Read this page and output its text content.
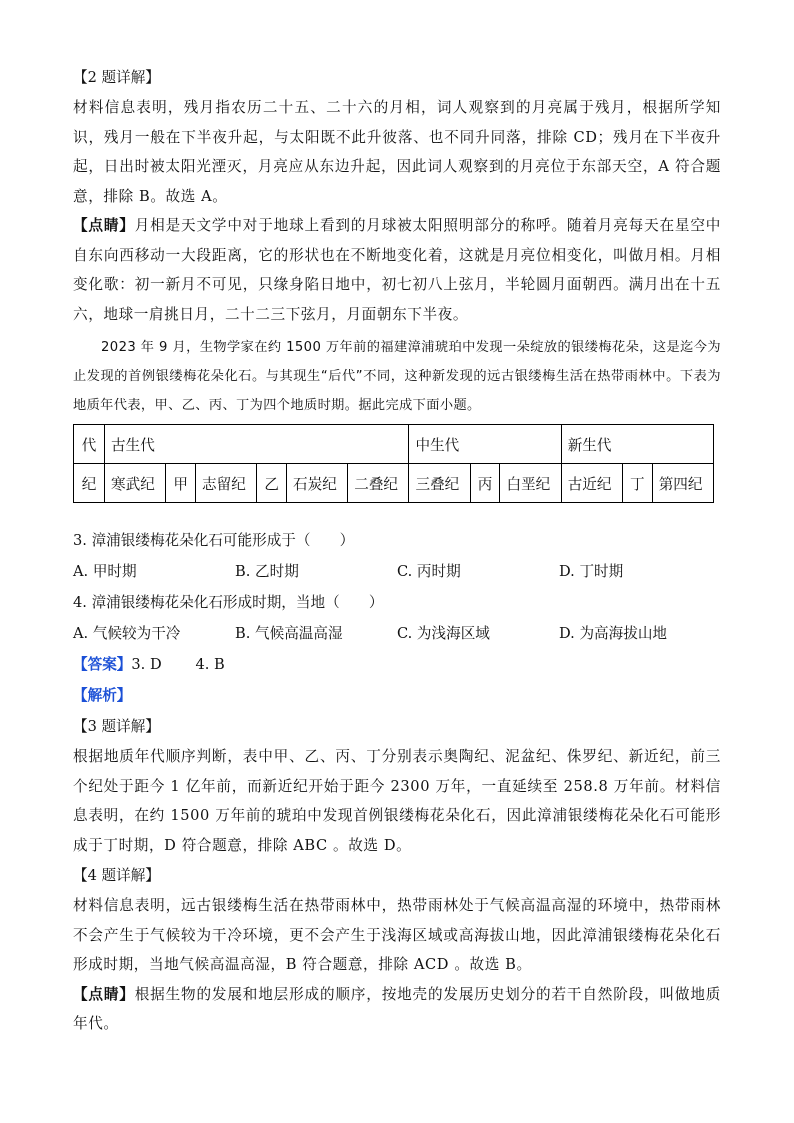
【2 题详解】

材料信息表明，残月指农历二十五、二十六的月相，词人观察到的月亮属于残月，根据所学知识，残月一般在下半夜升起，与太阳既不此升彼落、也不同升同落，排除 CD；残月在下半夜升起，日出时被太阳光湮灭，月亮应从东边升起，因此词人观察到的月亮位于东部天空，A 符合题意，排除 B。故选 A。

【点睛】月相是天文学中对于地球上看到的月球被太阳照明部分的称呼。随着月亮每天在星空中自东向西移动一大段距离，它的形状也在不断地变化着，这就是月亮位相变化，叫做月相。月相变化歌：初一新月不可见，只缘身陷日地中，初七初八上弦月，半轮圆月面朝西。满月出在十五六，地球一肩挑日月，二十二三下弦月，月面朝东下半夜。

2023 年 9 月，生物学家在约 1500 万年前的福建漳浦琥珀中发现一朵绽放的银缕梅花朵，这是迄今为止发现的首例银缕梅花朵化石。与其现生“后代”不同，这种新发现的远古银缕梅生活在热带雨林中。下表为地质年代表，甲、乙、丙、丁为四个地质时期。据此完成下面小题。

代	古生代						中生代			新生代		
纪	寒武纪	甲	志留纪	乙	石炭纪	二叠纪	三叠纪	丙	白垩纪	古近纪	丁	第四纪

3. 漳浦银缕梅花朵化石可能形成于（　　）

A. 甲时期	B. 乙时期	C. 丙时期	D. 丁时期

4. 漳浦银缕梅花朵化石形成时期，当地（　　）

A. 气候较为干冷	B. 气候高温高湿	C. 为浅海区域	D. 为高海拔山地

【答案】3. D　　 4. B

【解析】

【3 题详解】

根据地质年代顺序判断，表中甲、乙、丙、丁分别表示奥陶纪、泥盆纪、侏罗纪、新近纪，前三个纪处于距今 1 亿年前，而新近纪开始于距今 2300 万年，一直延续至 258.8 万年前。材料信息表明，在约 1500 万年前的琥珀中发现首例银缕梅花朵化石，因此漳浦银缕梅花朵化石可能形成于丁时期，D 符合题意，排除 ABC 。故选 D。

【4 题详解】

材料信息表明，远古银缕梅生活在热带雨林中，热带雨林处于气候高温高湿的环境中，热带雨林不会产生于气候较为干冷环境，更不会产生于浅海区域或高海拔山地，因此漳浦银缕梅花朵化石形成时期，当地气候高温高湿，B 符合题意，排除 ACD 。故选 B。

【点睛】根据生物的发展和地层形成的顺序，按地壳的发展历史划分的若干自然阶段，叫做地质年代。
